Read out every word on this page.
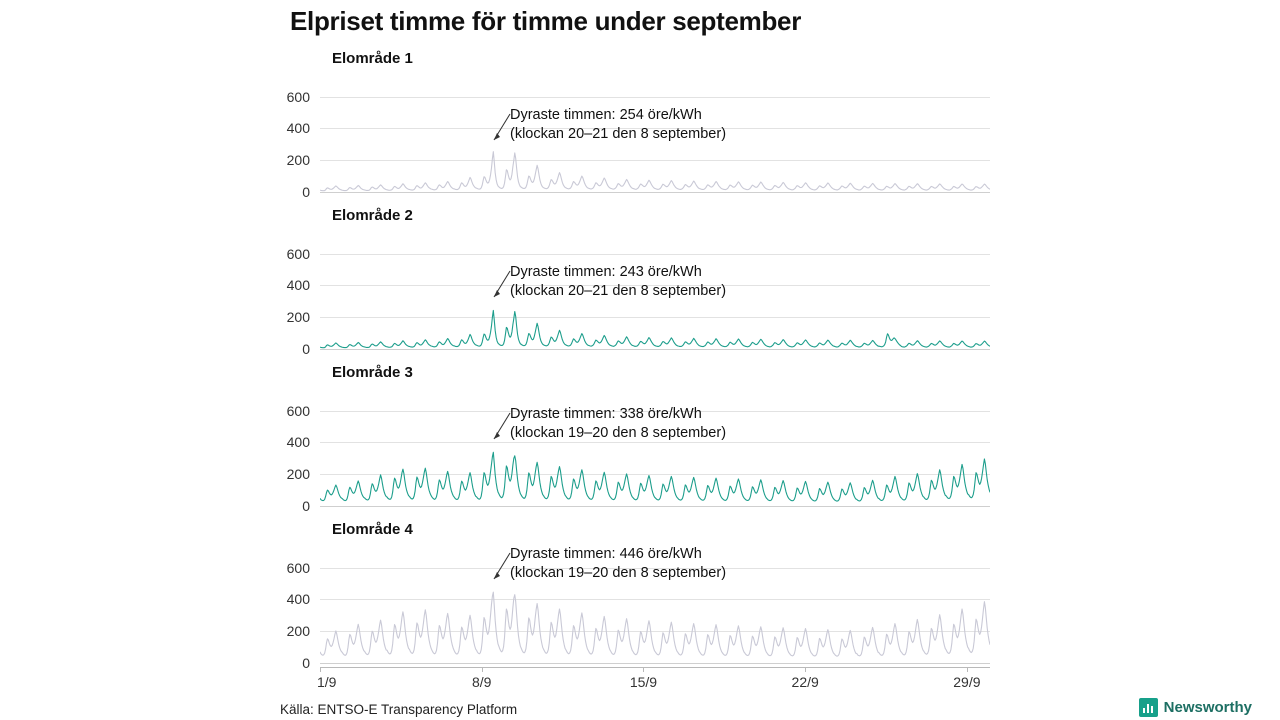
Elpriset timme för timme under september
Elområde 1
0
200
400
600
Dyraste timmen: 254 öre/kWh
(klockan 20–21 den 8 september)
Elområde 2
0
200
400
600
Dyraste timmen: 243 öre/kWh
(klockan 20–21 den 8 september)
Elområde 3
0
200
400
600	Dyraste timmen: 338 öre/kWh
(klockan 19–20 den 8 september)
Elområde 4
0
200
400
600
Dyraste timmen: 446 öre/kWh
(klockan 19–20 den 8 september)
1/9	8/9	15/9	22/9	29/9
Källa: ENTSO-E Transparency Platform	Newsworthy
